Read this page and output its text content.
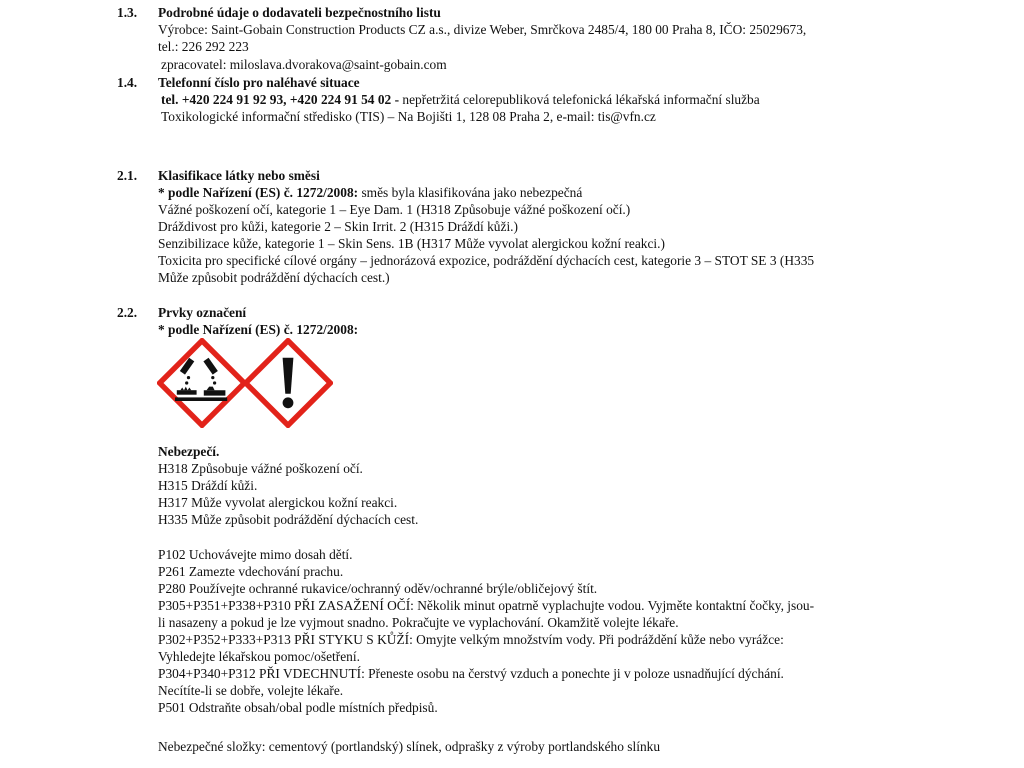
1.3. Podrobné údaje o dodavateli bezpečnostního listu
Výrobce: Saint-Gobain Construction Products CZ a.s., divize Weber, Smrčkova 2485/4, 180 00 Praha 8, IČO: 25029673,
tel.: 226 292 223
zpracovatel: miloslava.dvorakova@saint-gobain.com
1.4. Telefonní číslo pro naléhavé situace
tel. +420 224 91 92 93, +420 224 91 54 02 - nepřetržitá celorepubliková telefonická lékařská informační služba
Toxikologické informační středisko (TIS) – Na Bojišti 1, 128 08 Praha 2, e-mail: tis@vfn.cz
2.1. Klasifikace látky nebo směsi
* podle Nařízení (ES) č. 1272/2008: směs byla klasifikována jako nebezpečná
Vážné poškození očí, kategorie 1 – Eye Dam. 1 (H318 Způsobuje vážné poškození očí.)
Dráždivost pro kůži, kategorie 2 – Skin Irrit. 2 (H315 Dráždí kůži.)
Senzibilizace kůže, kategorie 1 – Skin Sens. 1B (H317 Může vyvolat alergickou kožní reakci.)
Toxicita pro specifické cílové orgány – jednorázová expozice, podráždění dýchacích cest, kategorie 3 – STOT SE 3 (H335
Může způsobit podráždění dýchacích cest.)
2.2. Prvky označení
* podle Nařízení (ES) č. 1272/2008:
Nebezpečí.
H318 Způsobuje vážné poškození očí.
H315 Dráždí kůži.
H317 Může vyvolat alergickou kožní reakci.
H335 Může způsobit podráždění dýchacích cest.
P102 Uchovávejte mimo dosah dětí.
P261 Zamezte vdechování prachu.
P280 Používejte ochranné rukavice/ochranný oděv/ochranné brýle/obličejový štít.
P305+P351+P338+P310 PŘI ZASAŽENÍ OČÍ: Několik minut opatrně vyplachujte vodou. Vyjměte kontaktní čočky, jsou-
li nasazeny a pokud je lze vyjmout snadno. Pokračujte ve vyplachování. Okamžitě volejte lékaře.
P302+P352+P333+P313 PŘI STYKU S KŮŽÍ: Omyjte velkým množstvím vody. Při podráždění kůže nebo vyrážce:
Vyhledejte lékařskou pomoc/ošetření.
P304+P340+P312 PŘI VDECHNUTÍ: Přeneste osobu na čerstvý vzduch a ponechte ji v poloze usnadňující dýchání.
Necítíte-li se dobře, volejte lékaře.
P501 Odstraňte obsah/obal podle místních předpisů.
Nebezpečné složky: cementový (portlandský) slínek, odprašky z výroby portlandského slínku
